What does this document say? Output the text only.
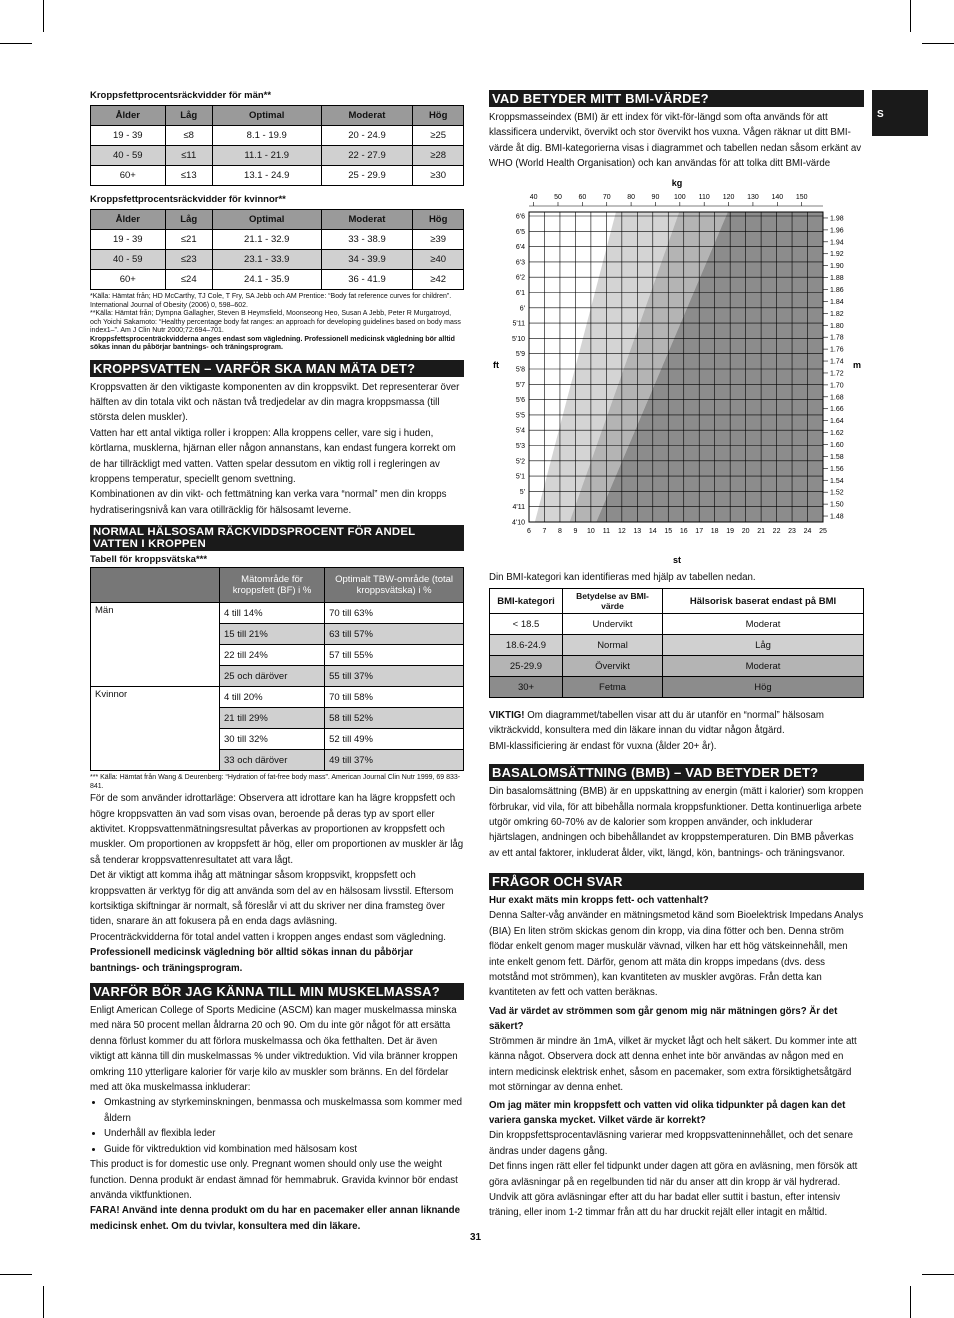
S
Kroppsfettprocentsräckvidder för män**
Ålder	Låg	Optimal	Moderat	Hög
19 - 39	≤8	8.1 - 19.9	20 - 24.9	≥25
40 - 59	≤11	11.1 - 21.9	22 - 27.9	≥28
60+	≤13	13.1 - 24.9	25 - 29.9	≥30
Kroppsfettprocentsräckvidder för kvinnor**
Ålder	Låg	Optimal	Moderat	Hög
19 - 39	≤21	21.1 - 32.9	33 - 38.9	≥39
40 - 59	≤23	23.1 - 33.9	34 - 39.9	≥40
60+	≤24	24.1 - 35.9	36 - 41.9	≥42
*Källa: Hämtat från; HD McCarthy, TJ Cole, T Fry, SA Jebb och AM Prentice: “Body fat reference curves for children”. International Journal of Obesity (2006) 0, 598–602.
**Källa: Hämtat från; Dympna Gallagher, Steven B Heymsfield, Moonseong Heo, Susan A Jebb, Peter R Murgatroyd, och Yoichi Sakamoto: “Healthy percentage body fat ranges: an approach for developing guidelines based on body mass index1–”. Am J Clin Nutr 2000;72:694–701.
Kroppsfettsprocenträckvidderna anges endast som vägledning. Professionell medicinsk vägledning bör alltid sökas innan du påbörjar bantnings- och träningsprogram.
KROPPSVATTEN – VARFÖR SKA MAN MÄTA DET?
Kroppsvatten är den viktigaste komponenten av din kroppsvikt. Det representerar över hälften av din totala vikt och nästan två tredjedelar av din magra kroppsmassa (till största delen muskler).
Vatten har ett antal viktiga roller i kroppen: Alla kroppens celler, vare sig i huden, körtlarna, musklerna, hjärnan eller någon annanstans, kan endast fungera korrekt om de har tillräckligt med vatten. Vatten spelar dessutom en viktig roll i regleringen av kroppens temperatur, speciellt genom svettning.
Kombinationen av din vikt- och fettmätning kan verka vara “normal” men din kropps hydratiseringsnivå kan vara otillräcklig för hälsosamt leverne.
NORMAL HÄLSOSAM RÄCKVIDDSPROCENT FÖR ANDEL VATTEN I KROPPEN
Tabell för kroppsvätska***
	Mätområde för kroppsfett (BF) i %	Optimalt TBW-område (total kroppsvätska) i %
Män	4 till 14%	70 till 63%
	15 till 21%	63 till 57%
	22 till 24%	57 till 55%
	25 och däröver	55 till 37%
Kvinnor	4 till 20%	70 till 58%
	21 till 29%	58 till 52%
	30 till 32%	52 till 49%
	33 och däröver	49 till 37%
*** Källa: Hämtat från Wang & Deurenberg: “Hydration of fat-free body mass”. American Journal Clin Nutr 1999, 69 833-841.
För de som använder idrottarläge: Observera att idrottare kan ha lägre kroppsfett och högre kroppsvatten än vad som visas ovan, beroende på deras typ av sport eller aktivitet. Kroppsvattenmätningsresultat påverkas av proportionen av kroppsfett och muskler. Om proportionen av kroppsfett är hög, eller om proportionen av muskler är låg så tenderar kroppsvattenresultatet att vara lågt.
Det är viktigt att komma ihåg att mätningar såsom kroppsvikt, kroppsfett och kroppsvatten är verktyg för dig att använda som del av en hälsosam livsstil. Eftersom kortsiktiga skiftningar är normalt, så föreslår vi att du skriver ner dina framsteg över tiden, snarare än att fokusera på en enda dags avläsning.
Procenträckvidderna för total andel vatten i kroppen anges endast som vägledning.
Professionell medicinsk vägledning bör alltid sökas innan du påbörjar bantnings- och träningsprogram.
VARFÖR BÖR JAG KÄNNA TILL MIN MUSKELMASSA?
Enligt American College of Sports Medicine (ASCM) kan mager muskelmassa minska med nära 50 procent mellan åldrarna 20 och 90. Om du inte gör något för att ersätta denna förlust kommer du att förlora muskelmassa och öka fetthalten. Det är även viktigt att känna till din muskelmassas % under viktreduktion. Vid vila bränner kroppen omkring 110 ytterligare kalorier för varje kilo av muskler som bränns. En del fördelar med att öka muskelmassa inkluderar:
• Omkastning av styrkeminskningen, benmassa och muskelmassa som kommer med åldern
• Underhåll av flexibla leder
• Guide för viktreduktion vid kombination med hälsosam kost
This product is for domestic use only. Pregnant women should only use the weight function. Denna produkt är endast ämnad för hemmabruk. Gravida kvinnor bör endast använda viktfunktionen.
FARA! Använd inte denna produkt om du har en pacemaker eller annan liknande medicinsk enhet. Om du tvivlar, konsultera med din läkare.
VAD BETYDER MITT BMI-VÄRDE?
Kroppsmasseindex (BMI) är ett index för vikt-för-längd som ofta används för att klassificera undervikt, övervikt och stor övervikt hos vuxna. Vågen räknar ut ditt BMI-värde åt dig. BMI-kategorierna visas i diagrammet och tabellen nedan såsom erkänt av WHO (World Health Organisation) och kan användas för att tolka ditt BMI-värde
kg
st
ft	m
6 7 8 9 10 11 12 13 14 15 16 17 18 19 20 21 22 23 24 25
6'6
6'5
6'4
6'3
6'2
6'1
6'
5'11
5'10
5'9
5'8
5'7
5'6
5'5
5'4
5'3
5'2
5'1
5'
4'11
4'10
40 50 60 70 80 90 100 110 120 130 140 150
1.98
1.96
1.94
1.92
1.90
1.88
1.86
1.84
1.82
1.80
1.78
1.76
1.74
1.72
1.70
1.68
1.66
1.64
1.62
1.60
1.58
1.56
1.54
1.52
1.50
1.48
Din BMI-kategori kan identifieras med hjälp av tabellen nedan.
BMI-kategori	Betydelse av BMI-värde	Hälsorisk baserat endast på BMI
< 18.5	Undervikt	Moderat
18.6-24.9	Normal	Låg
25-29.9	Övervikt	Moderat
30+	Fetma	Hög
VIKTIG! Om diagrammet/tabellen visar att du är utanför en “normal” hälsosam vikträckvidd, konsultera med din läkare innan du vidtar någon åtgärd.
BMI-klassificiering är endast för vuxna (ålder 20+ år).
BASALOMSÄTTNING (BMB) – VAD BETYDER DET?
Din basalomsättning (BMB) är en uppskattning av energin (mätt i kalorier) som kroppen förbrukar, vid vila, för att bibehålla normala kroppsfunktioner. Detta kontinuerliga arbete utgör omkring 60-70% av de kalorier som kroppen använder, och inkluderar hjärtslagen, andningen och bibehållandet av kroppstemperaturen. Din BMB påverkas av ett antal faktorer, inkluderat ålder, vikt, längd, kön, bantnings- och träningsvanor.
FRÅGOR OCH SVAR
Hur exakt mäts min kropps fett- och vattenhalt?
Denna Salter-våg använder en mätningsmetod känd som Bioelektrisk Impedans Analys (BIA) En liten ström skickas genom din kropp, via dina fötter och ben. Denna ström flödar enkelt genom mager muskulär vävnad, vilken har ett hög vätskeinnehåll, men inte enkelt genom fett. Därför, genom att mäta din kropps impedans (dvs. dess motstånd mot strömmen), kan kvantiteten av muskler avgöras. Från detta kan kvantiteten av fett och vatten beräknas.
Vad är värdet av strömmen som går genom mig när mätningen görs? Är det säkert?
Strömmen är mindre än 1mA, vilket är mycket lågt och helt säkert. Du kommer inte att känna något. Observera dock att denna enhet inte bör användas av någon med en intern medicinsk elektrisk enhet, såsom en pacemaker, som extra försiktighetsåtgärd mot störningar av denna enhet.
Om jag mäter min kroppsfett och vatten vid olika tidpunkter på dagen kan det variera ganska mycket. Vilket värde är korrekt?
Din kroppsfettsprocentavläsning varierar med kroppsvatteninnehållet, och det senare ändras under dagens gång.
Det finns ingen rätt eller fel tidpunkt under dagen att göra en avläsning, men försök att göra avläsningar på en regelbunden tid när du anser att din kropp är väl hydrerad. Undvik att göra avläsningar efter att du har badat eller suttit i bastun, efter intensiv träning, eller inom 1-2 timmar från att du har druckit rejält eller intagit en måltid.
31
